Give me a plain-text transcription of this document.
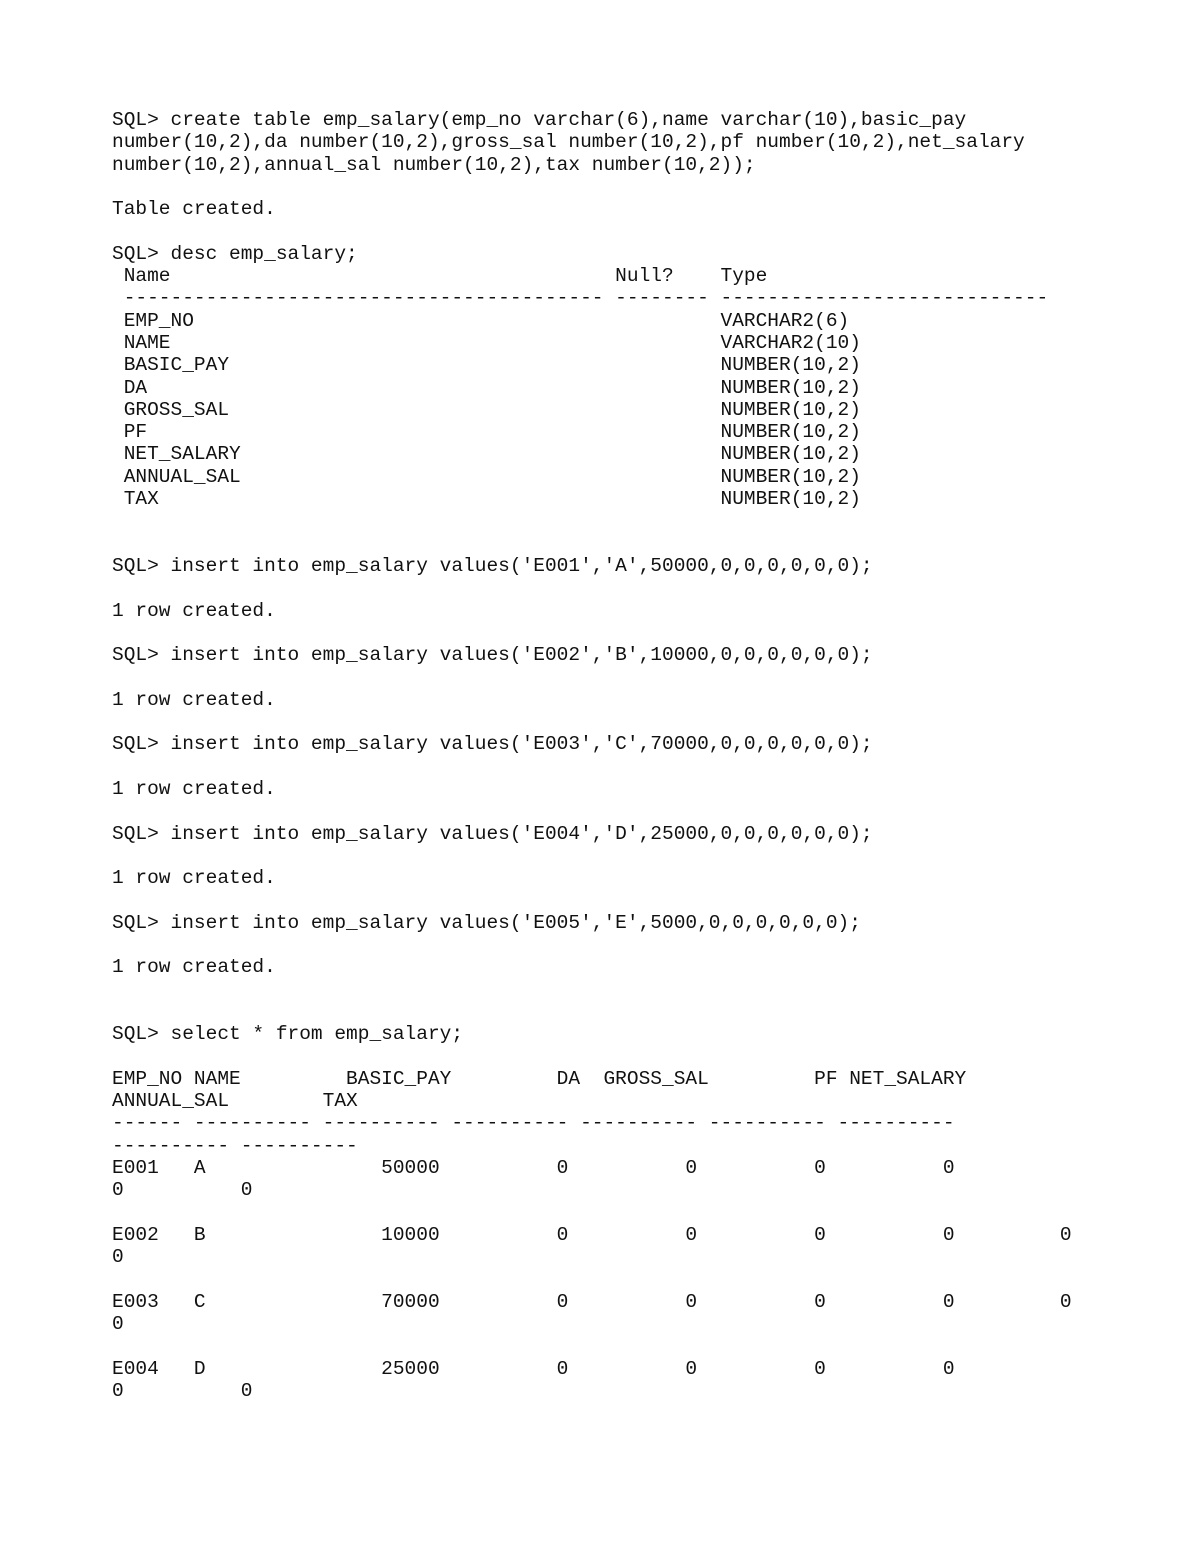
SQL> create table emp_salary(emp_no varchar(6),name varchar(10),basic_pay
number(10,2),da number(10,2),gross_sal number(10,2),pf number(10,2),net_salary
number(10,2),annual_sal number(10,2),tax number(10,2));
Table created.
SQL> desc emp_salary;
Name                                      Null?    Type
----------------------------------------- -------- ----------------------------
EMP_NO                                             VARCHAR2(6)
NAME                                               VARCHAR2(10)
BASIC_PAY                                          NUMBER(10,2)
DA                                                 NUMBER(10,2)
GROSS_SAL                                          NUMBER(10,2)
PF                                                 NUMBER(10,2)
NET_SALARY                                         NUMBER(10,2)
ANNUAL_SAL                                         NUMBER(10,2)
TAX                                                NUMBER(10,2)
SQL> insert into emp_salary values('E001','A',50000,0,0,0,0,0,0);
1 row created.
SQL> insert into emp_salary values('E002','B',10000,0,0,0,0,0,0);
1 row created.
SQL> insert into emp_salary values('E003','C',70000,0,0,0,0,0,0);
1 row created.
SQL> insert into emp_salary values('E004','D',25000,0,0,0,0,0,0);
1 row created.
SQL> insert into emp_salary values('E005','E',5000,0,0,0,0,0,0);
1 row created.
SQL> select * from emp_salary;
EMP_NO NAME         BASIC_PAY         DA  GROSS_SAL         PF NET_SALARY
ANNUAL_SAL        TAX
------ ---------- ---------- ---------- ---------- ---------- ----------
---------- ----------
E001   A               50000          0          0          0          0
0          0
E002   B               10000          0          0          0          0         0
0
E003   C               70000          0          0          0          0         0
0
E004   D               25000          0          0          0          0
0          0
